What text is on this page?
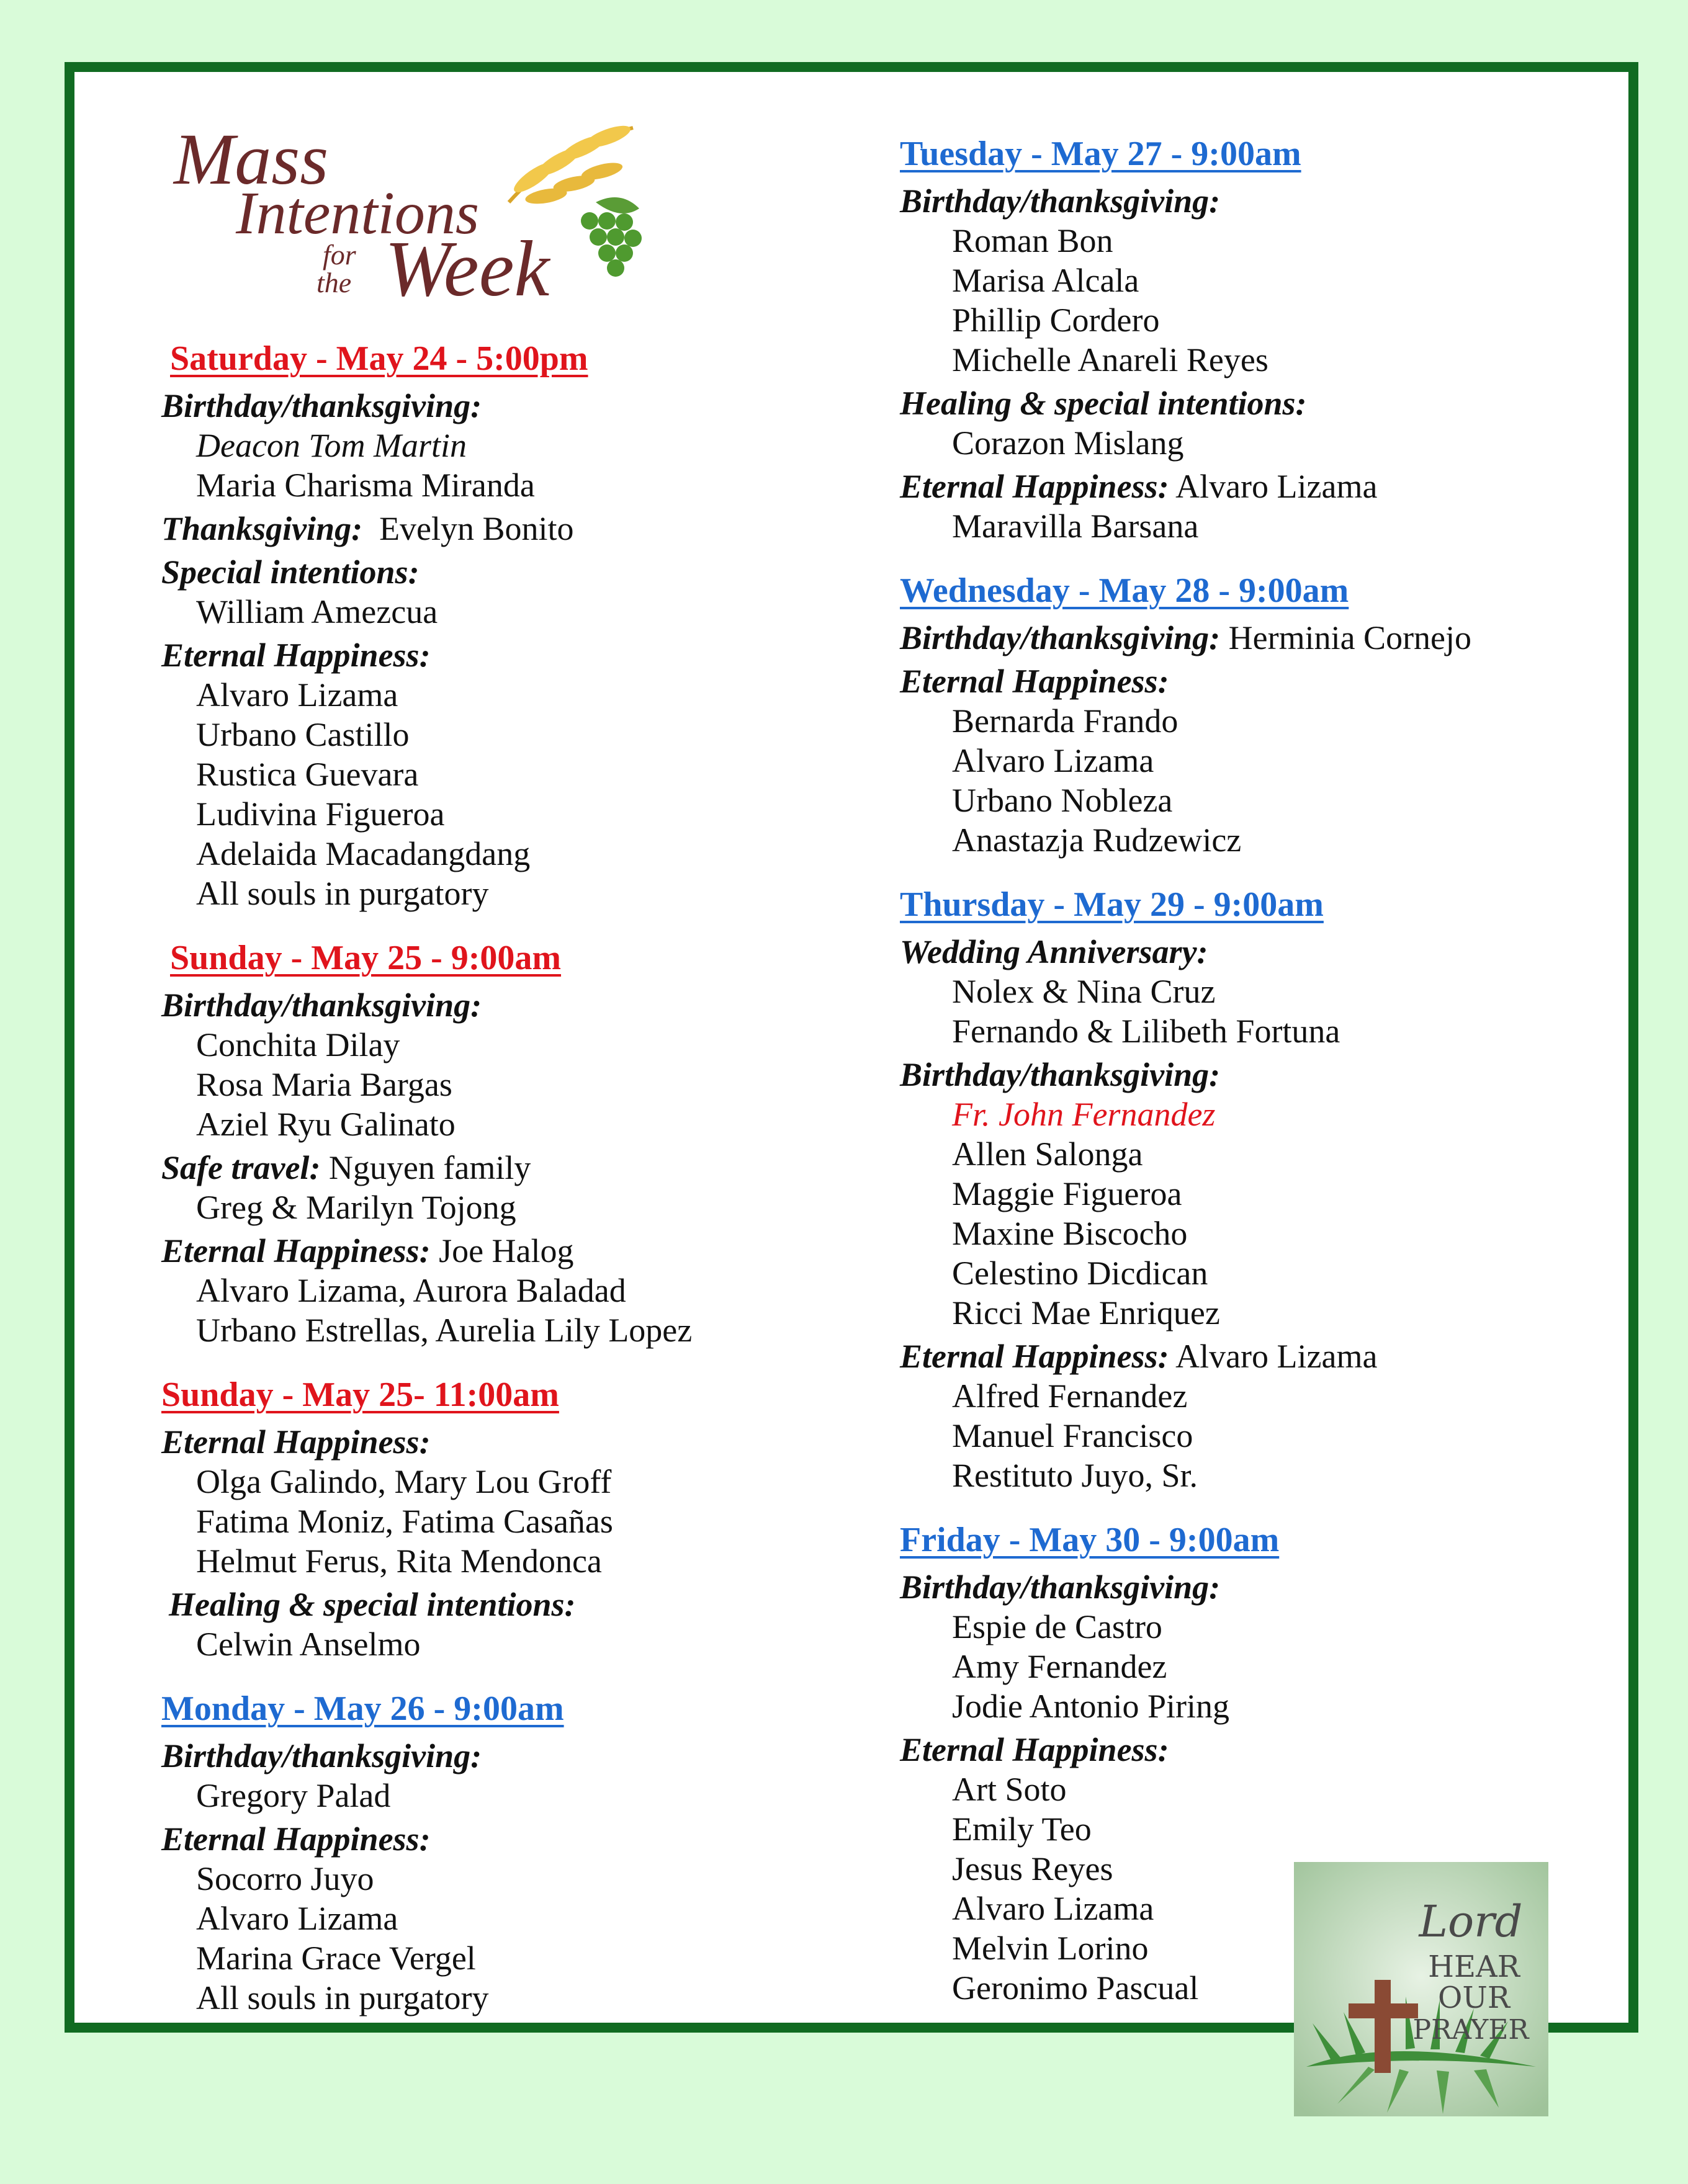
Mass
Intentions
for
the Week
Saturday - May 24 - 5:00pm
Birthday/thanksgiving:
Deacon Tom Martin
Maria Charisma Miranda
Thanksgiving: Evelyn Bonito
Special intentions:
William Amezcua
Eternal Happiness:
Alvaro Lizama
Urbano Castillo
Rustica Guevara
Ludivina Figueroa
Adelaida Macadangdang
All souls in purgatory
Sunday - May 25 - 9:00am
Birthday/thanksgiving:
Conchita Dilay
Rosa Maria Bargas
Aziel Ryu Galinato
Safe travel: Nguyen family
Greg & Marilyn Tojong
Eternal Happiness: Joe Halog
Alvaro Lizama, Aurora Baladad
Urbano Estrellas, Aurelia Lily Lopez
Sunday - May 25- 11:00am
Eternal Happiness:
Olga Galindo, Mary Lou Groff
Fatima Moniz, Fatima Casañas
Helmut Ferus, Rita Mendonca
Healing & special intentions:
Celwin Anselmo
Monday - May 26 - 9:00am
Birthday/thanksgiving:
Gregory Palad
Eternal Happiness:
Socorro Juyo
Alvaro Lizama
Marina Grace Vergel
All souls in purgatory
Tuesday - May 27 - 9:00am
Birthday/thanksgiving:
Roman Bon
Marisa Alcala
Phillip Cordero
Michelle Anareli Reyes
Healing & special intentions:
Corazon Mislang
Eternal Happiness: Alvaro Lizama
Maravilla Barsana
Wednesday - May 28 - 9:00am
Birthday/thanksgiving: Herminia Cornejo
Eternal Happiness:
Bernarda Frando
Alvaro Lizama
Urbano Nobleza
Anastazja Rudzewicz
Thursday - May 29 - 9:00am
Wedding Anniversary:
Nolex & Nina Cruz
Fernando & Lilibeth Fortuna
Birthday/thanksgiving:
Fr. John Fernandez
Allen Salonga
Maggie Figueroa
Maxine Biscocho
Celestino Dicdican
Ricci Mae Enriquez
Eternal Happiness: Alvaro Lizama
Alfred Fernandez
Manuel Francisco
Restituto Juyo, Sr.
Friday - May 30 - 9:00am
Birthday/thanksgiving:
Espie de Castro
Amy Fernandez
Jodie Antonio Piring
Eternal Happiness:
Art Soto
Emily Teo
Jesus Reyes
Alvaro Lizama
Melvin Lorino
Geronimo Pascual
Lord
HEAR
OUR
PRAYER
